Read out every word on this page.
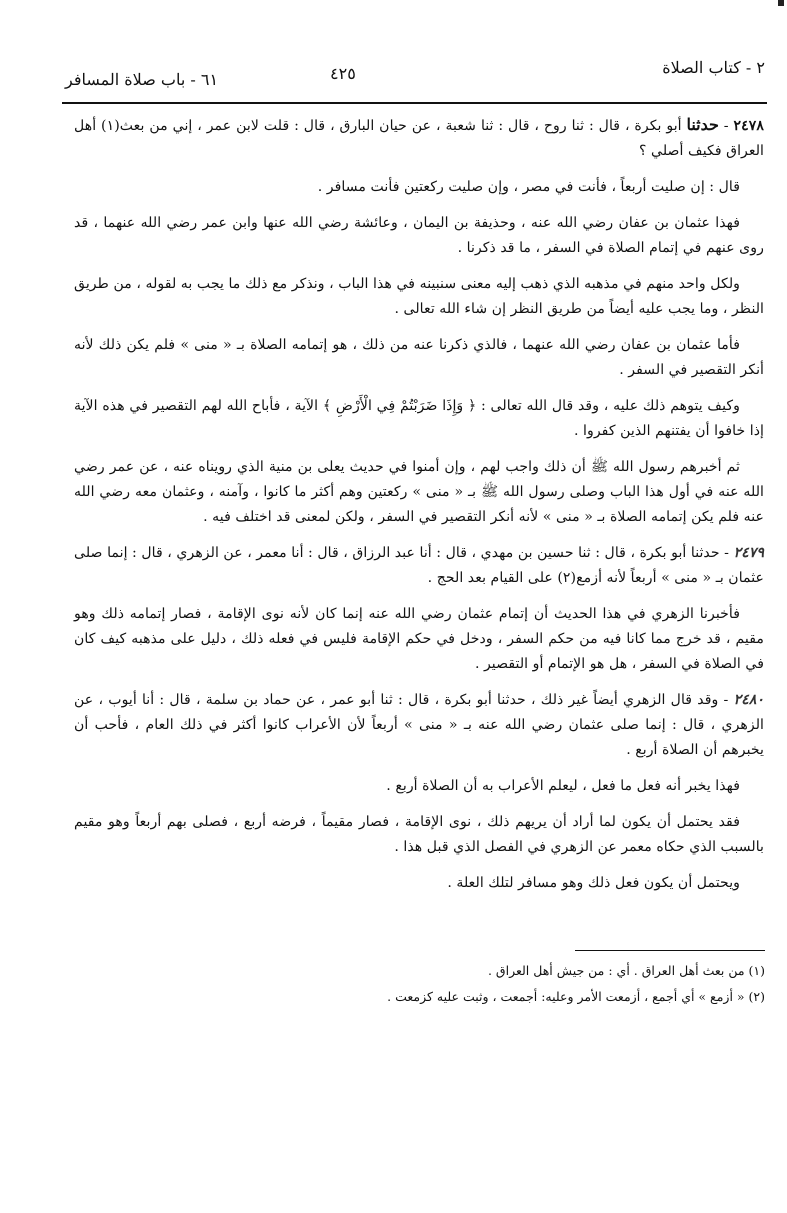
٦١ - باب صلاة المسافر	٤٢٥	٢ - كتاب الصلاة

٢٤٧٨ - حدثنا أبو بكرة ، قال : ثنا روح ، قال : ثنا شعبة ، عن حيان البارق ، قال : قلت لابن عمر ، إني من بعث(١) أهل العراق فكيف أصلي ؟

قال : إن صليت أربعاً ، فأنت في مصر ، وإن صليت ركعتين فأنت مسافر .

فهذا عثمان بن عفان رضي الله عنه ، وحذيفة بن اليمان ، وعائشة رضي الله عنها وابن عمر رضي الله عنهما ، قد روى عنهم في إتمام الصلاة في السفر ، ما قد ذكرنا .

ولكل واحد منهم في مذهبه الذي ذهب إليه معنى سنبينه في هذا الباب ، ونذكر مع ذلك ما يجب به لقوله ، من طريق النظر ، وما يجب عليه أيضاً من طريق النظر إن شاء الله تعالى .

فأما عثمان بن عفان رضي الله عنهما ، فالذي ذكرنا عنه من ذلك ، هو إتمامه الصلاة بـ « منى » فلم يكن ذلك لأنه أنكر التقصير في السفر .

وكيف يتوهم ذلك عليه ، وقد قال الله تعالى : ﴿ وَإِذَا ضَرَبْتُمْ فِي الْأَرْضِ ﴾ الآية ، فأباح الله لهم التقصير في هذه الآية إذا خافوا أن يفتنهم الذين كفروا .

ثم أخبرهم رسول الله ﷺ أن ذلك واجب لهم ، وإن أمنوا في حديث يعلى بن منية الذي رويناه عنه ، عن عمر رضي الله عنه في أول هذا الباب وصلى رسول الله ﷺ بـ « منى » ركعتين وهم أكثر ما كانوا ، وآمنه ، وعثمان معه رضي الله عنه فلم يكن إتمامه الصلاة بـ « منى » لأنه أنكر التقصير في السفر ، ولكن لمعنى قد اختلف فيه .

٢٤٧٩ - حدثنا أبو بكرة ، قال : ثنا حسين بن مهدي ، قال : أنا عبد الرزاق ، قال : أنا معمر ، عن الزهري ، قال : إنما صلى عثمان بـ « منى » أربعاً لأنه أزمع(٢) على القيام بعد الحج .

فأخبرنا الزهري في هذا الحديث أن إتمام عثمان رضي الله عنه إنما كان لأنه نوى الإقامة ، فصار إتمامه ذلك وهو مقيم ، قد خرج مما كانا فيه من حكم السفر ، ودخل في حكم الإقامة فليس في فعله ذلك ، دليل على مذهبه كيف كان في الصلاة في السفر ، هل هو الإتمام أو التقصير .

٢٤٨٠ - وقد قال الزهري أيضاً غير ذلك ، حدثنا أبو بكرة ، قال : ثنا أبو عمر ، عن حماد بن سلمة ، قال : أنا أيوب ، عن الزهري ، قال : إنما صلى عثمان رضي الله عنه بـ « منى » أربعاً لأن الأعراب كانوا أكثر في ذلك العام ، فأحب أن يخبرهم أن الصلاة أربع .

فهذا يخبر أنه فعل ما فعل ، ليعلم الأعراب به أن الصلاة أربع .

فقد يحتمل أن يكون لما أراد أن يريهم ذلك ، نوى الإقامة ، فصار مقيماً ، فرضه أربع ، فصلى بهم أربعاً وهو مقيم بالسبب الذي حكاه معمر عن الزهري في الفصل الذي قبل هذا .

ويحتمل أن يكون فعل ذلك وهو مسافر لتلك العلة .

(١) من بعث أهل العراق . أي : من جيش أهل العراق .

(٢) « أزمع » أي أجمع ، أزمعت الأمر وعليه: أجمعت ، وثبت عليه كزمعت .
